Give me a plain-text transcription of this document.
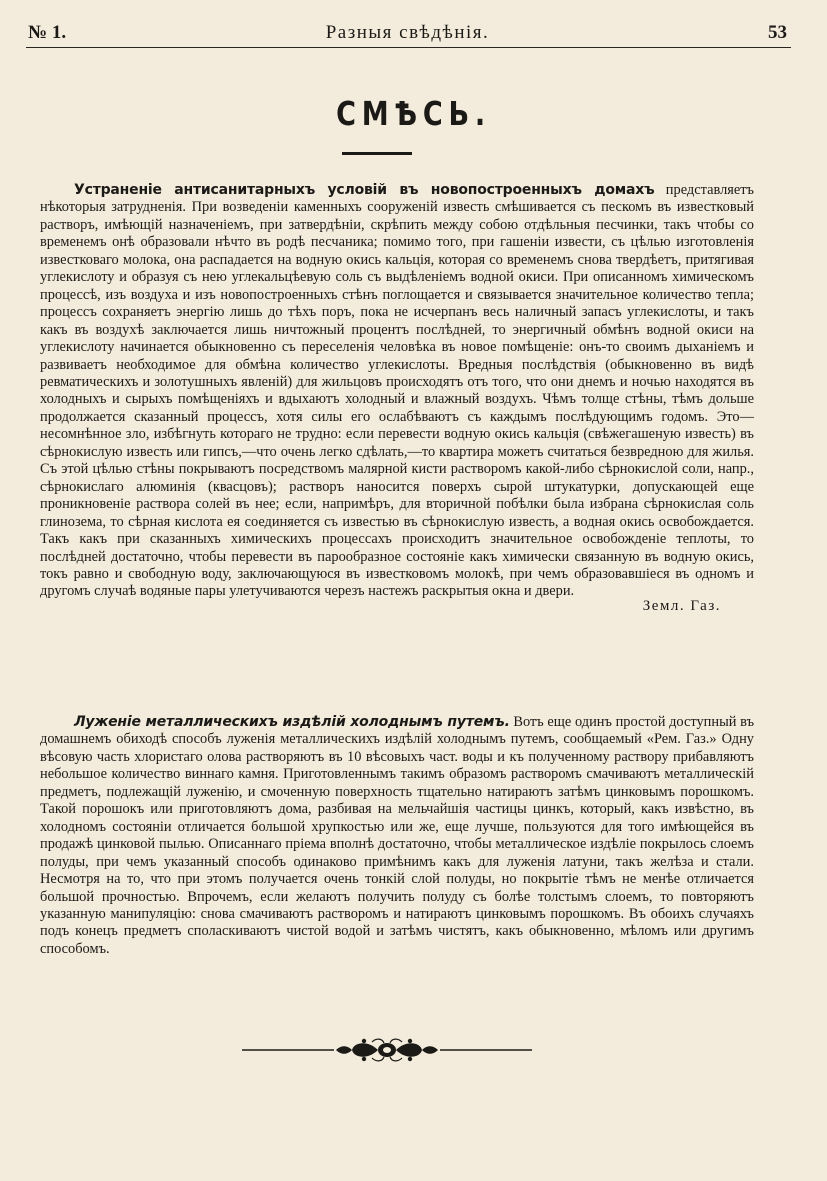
№ 1.	Разныя свѣдѣнія.	53
СМѢСЬ.
Устраненіе антисанитарныхъ условій въ новопостроенныхъ домахъ представляетъ нѣкоторыя затрудненія. При возведеніи каменныхъ сооруженій известь смѣшивается съ пескомъ въ известковый растворъ, имѣющій назначеніемъ, при затвердѣніи, скрѣпить между собою отдѣльныя песчинки, такъ чтобы со временемъ онѣ образовали нѣчто въ родѣ песчаника; помимо того, при гашеніи извести, съ цѣлью изготовленія известковаго молока, она распадается на водную окись кальція, которая со временемъ снова твердѣетъ, притягивая углекислоту и образуя съ нею углекальцѣевую соль съ выдѣленіемъ водной окиси. При описанномъ химическомъ процессѣ, изъ воздуха и изъ новопостроенныхъ стѣнъ поглощается и связывается значительное количество тепла; процессъ сохраняетъ энергію лишь до тѣхъ поръ, пока не исчерпанъ весь наличный запасъ углекислоты, и такъ какъ въ воздухѣ заключается лишь ничтожный процентъ послѣдней, то энергичный обмѣнъ водной окиси на углекислоту начинается обыкновенно съ переселенія человѣка въ новое помѣщеніе: онъ-то своимъ дыханіемъ и развиваетъ необходимое для обмѣна количество углекислоты. Вредныя послѣдствія (обыкновенно въ видѣ ревматическихъ и золотушныхъ явленій) для жильцовъ происходятъ отъ того, что они днемъ и ночью находятся въ холодныхъ и сырыхъ помѣщеніяхъ и вдыхаютъ холодный и влажный воздухъ. Чѣмъ толще стѣны, тѣмъ дольше продолжается сказанный процессъ, хотя силы его ослабѣваютъ съ каждымъ послѣдующимъ годомъ. Это—несомнѣнное зло, избѣгнуть котораго не трудно: если перевести водную окись кальція (свѣжегашеную известь) въ сѣрнокислую известь или гипсъ,—что очень легко сдѣлать,—то квартира можетъ считаться безвредною для жилья. Съ этой цѣлью стѣны покрываютъ посредствомъ малярной кисти растворомъ какой-либо сѣрнокислой соли, напр., сѣрнокислаго алюминія (квасцовъ); растворъ наносится поверхъ сырой штукатурки, допускающей еще проникновеніе раствора солей въ нее; если, напримѣръ, для вторичной побѣлки была избрана сѣрнокислая соль глинозема, то сѣрная кислота ея соединяется съ известью въ сѣрнокислую известь, а водная окись освобождается. Такъ какъ при сказанныхъ химическихъ процессахъ происходитъ значительное освобожденіе теплоты, то послѣдней достаточно, чтобы перевести въ парообразное состояніе какъ химически связанную въ водную окись, токъ равно и свободную воду, заключающуюся въ известковомъ молокѣ, при чемъ образовавшіеся въ одномъ и другомъ случаѣ водяные пары улетучиваются черезъ настежъ раскрытыя окна и двери.
Земл. Газ.
Луженіе металлическихъ издѣлій холоднымъ путемъ. Вотъ еще одинъ простой доступный въ домашнемъ обиходѣ способъ луженія металлическихъ издѣлій холоднымъ путемъ, сообщаемый «Рем. Газ.» Одну вѣсовую часть хлористаго олова растворяютъ въ 10 вѣсовыхъ част. воды и къ полученному раствору прибавляютъ небольшое количество виннаго камня. Приготовленнымъ такимъ образомъ растворомъ смачиваютъ металлическій предметъ, подлежащій луженію, и смоченную поверхность тщательно натираютъ затѣмъ цинковымъ порошкомъ. Такой порошокъ или приготовляютъ дома, разбивая на мельчайшія частицы цинкъ, который, какъ извѣстно, въ холодномъ состояніи отличается большой хрупкостью или же, еще лучше, пользуются для того имѣющейся въ продажѣ цинковой пылью. Описаннаго пріема вполнѣ достаточно, чтобы металлическое издѣліе покрылось слоемъ полуды, при чемъ указанный способъ одинаково примѣнимъ какъ для луженія латуни, такъ желѣза и стали. Несмотря на то, что при этомъ получается очень тонкій слой полуды, но покрытіе тѣмъ не менѣе отличается большой прочностью. Впрочемъ, если желаютъ получить полуду съ болѣе толстымъ слоемъ, то повторяютъ указанную манипуляцію: снова смачиваютъ растворомъ и натираютъ цинковымъ порошкомъ. Въ обоихъ случаяхъ подъ конецъ предметъ споласкиваютъ чистой водой и затѣмъ чистятъ, какъ обыкновенно, мѣломъ или другимъ способомъ.
